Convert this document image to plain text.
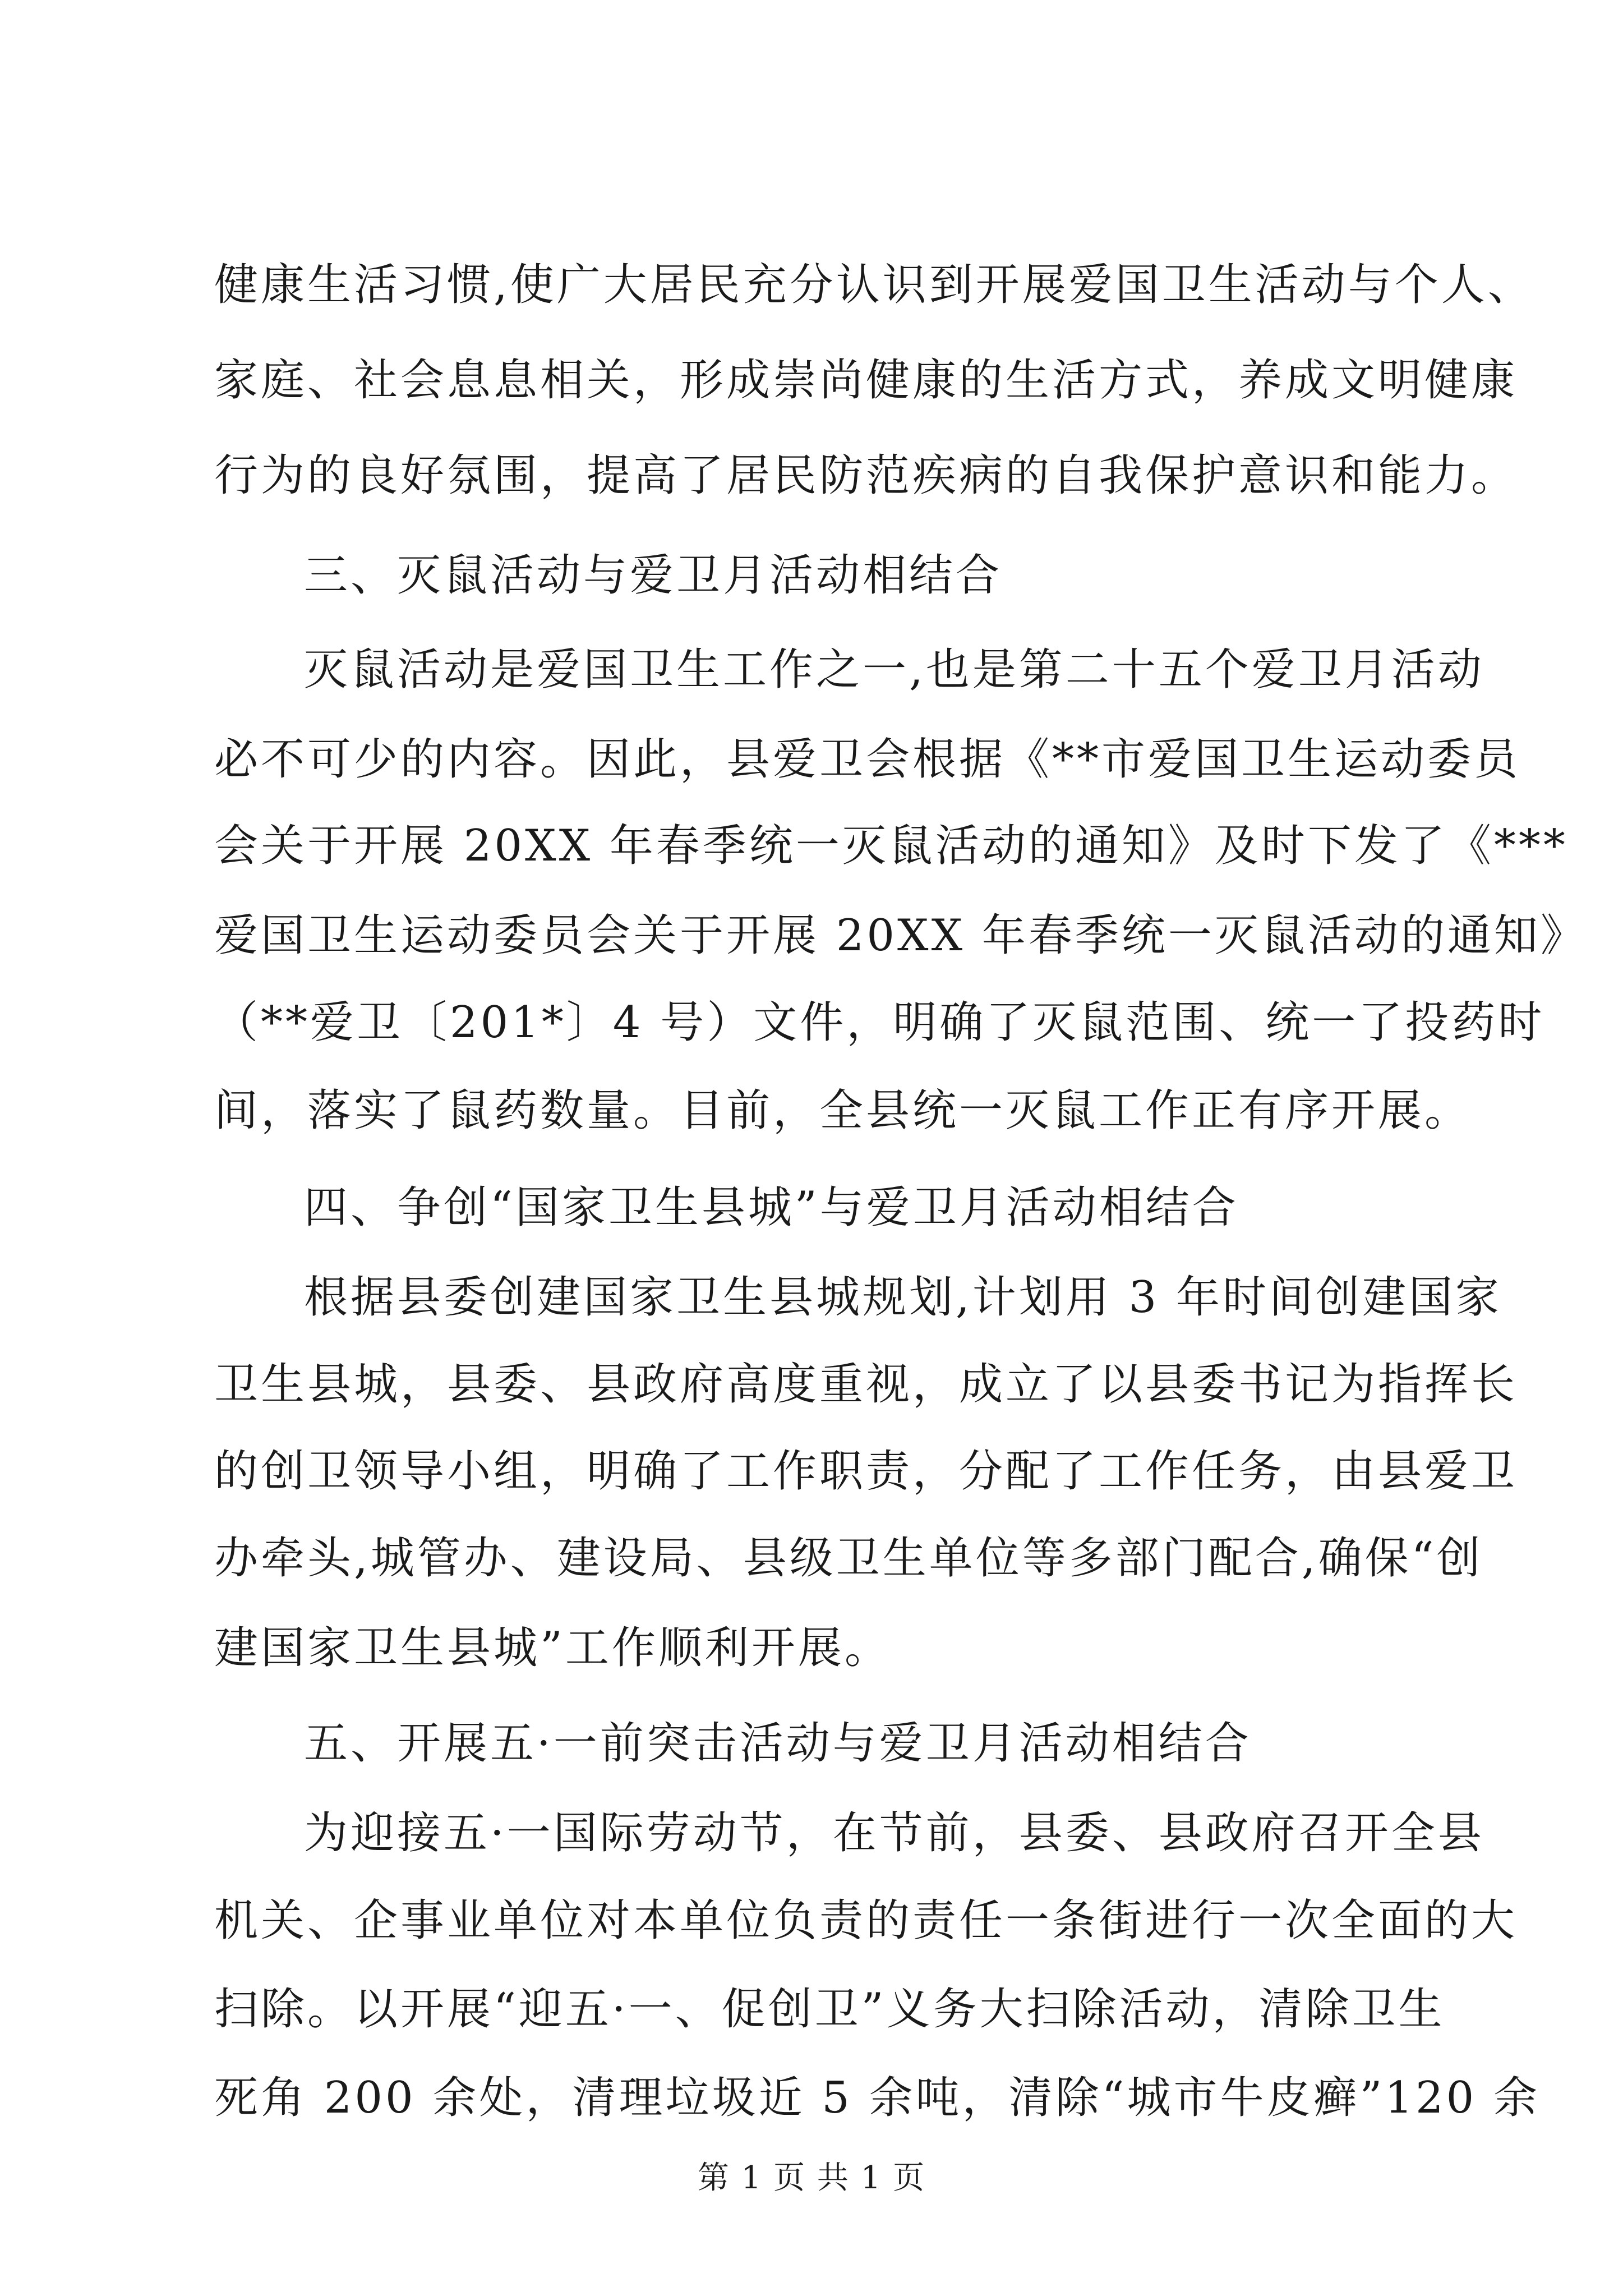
健康生活习惯,使广大居民充分认识到开展爱国卫生活动与个人、
家庭、社会息息相关，形成崇尚健康的生活方式，养成文明健康
行为的良好氛围，提高了居民防范疾病的自我保护意识和能力。
三、灭鼠活动与爱卫月活动相结合
灭鼠活动是爱国卫生工作之一,也是第二十五个爱卫月活动
必不可少的内容。因此，县爱卫会根据《**市爱国卫生运动委员
会关于开展 20XX 年春季统一灭鼠活动的通知》及时下发了《***
爱国卫生运动委员会关于开展 20XX 年春季统一灭鼠活动的通知》
（**爱卫〔201*〕4 号）文件，明确了灭鼠范围、统一了投药时
间，落实了鼠药数量。目前，全县统一灭鼠工作正有序开展。
四、争创“国家卫生县城”与爱卫月活动相结合
根据县委创建国家卫生县城规划,计划用 3 年时间创建国家
卫生县城，县委、县政府高度重视，成立了以县委书记为指挥长
的创卫领导小组，明确了工作职责，分配了工作任务，由县爱卫
办牵头,城管办、建设局、县级卫生单位等多部门配合,确保“创
建国家卫生县城”工作顺利开展。
五、开展五·一前突击活动与爱卫月活动相结合
为迎接五·一国际劳动节，在节前，县委、县政府召开全县
机关、企事业单位对本单位负责的责任一条街进行一次全面的大
扫除。以开展“迎五·一、促创卫”义务大扫除活动，清除卫生
死角 200 余处，清理垃圾近 5 余吨，清除“城市牛皮癣”120 余
第 1 页 共 1 页
